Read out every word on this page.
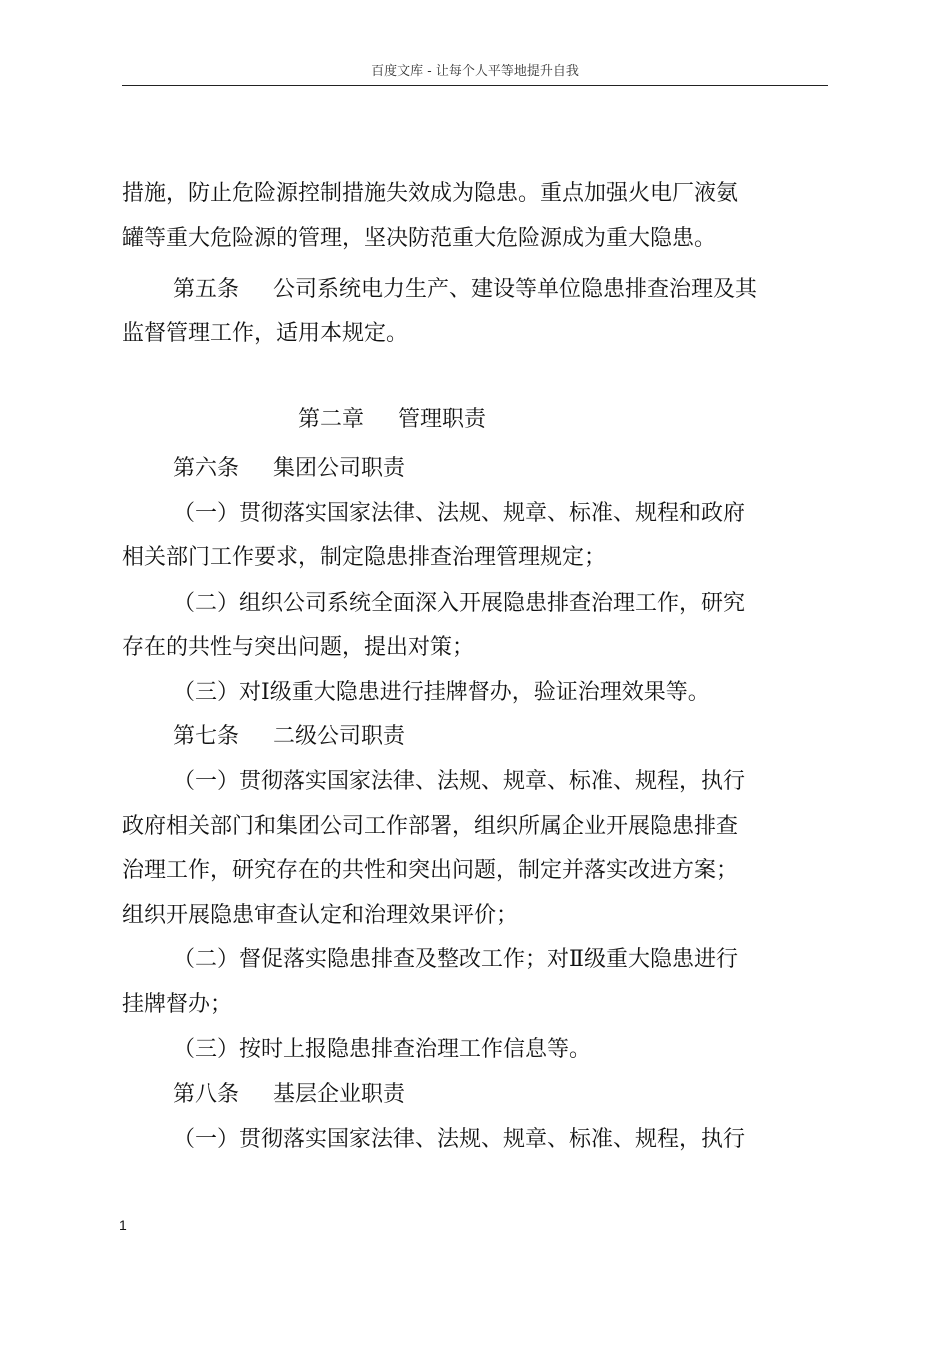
百度文库 - 让每个人平等地提升自我
措施，防止危险源控制措施失效成为隐患。重点加强火电厂液氨
罐等重大危险源的管理，坚决防范重大危险源成为重大隐患。
第五条 公司系统电力生产、建设等单位隐患排查治理及其
监督管理工作，适用本规定。
第二章 管理职责
第六条 集团公司职责
（一）贯彻落实国家法律、法规、规章、标准、规程和政府
相关部门工作要求，制定隐患排查治理管理规定；
（二）组织公司系统全面深入开展隐患排查治理工作，研究
存在的共性与突出问题，提出对策；
（三）对Ⅰ级重大隐患进行挂牌督办，验证治理效果等。
第七条 二级公司职责
（一）贯彻落实国家法律、法规、规章、标准、规程，执行
政府相关部门和集团公司工作部署，组织所属企业开展隐患排查
治理工作，研究存在的共性和突出问题，制定并落实改进方案；
组织开展隐患审查认定和治理效果评价；
（二）督促落实隐患排查及整改工作；对Ⅱ级重大隐患进行
挂牌督办；
（三）按时上报隐患排查治理工作信息等。
第八条 基层企业职责
（一）贯彻落实国家法律、法规、规章、标准、规程，执行
1
